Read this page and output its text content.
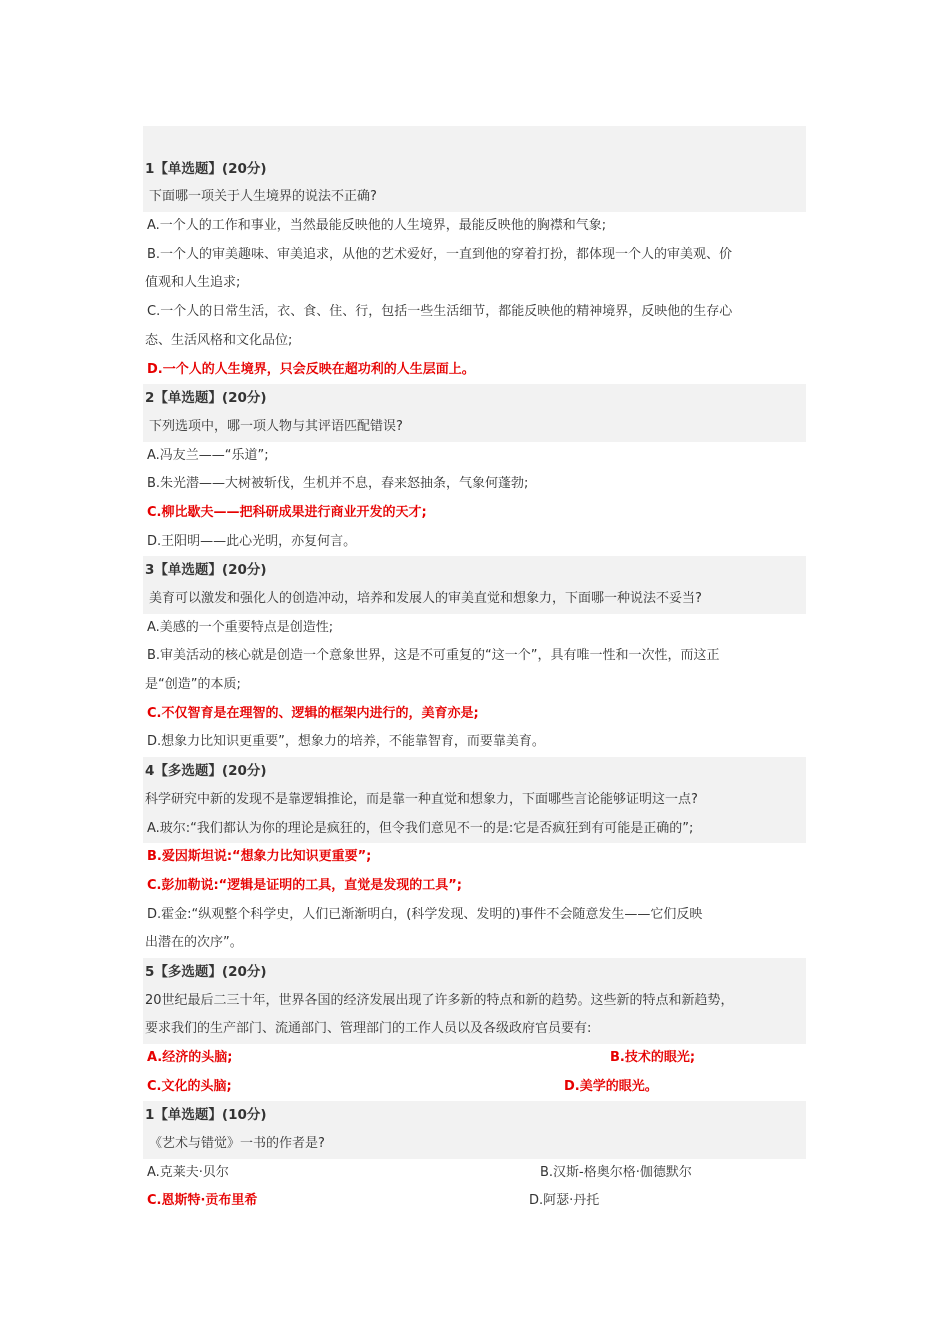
1【单选题】(20分)
下面哪一项关于人生境界的说法不正确?
A.一个人的工作和事业，当然最能反映他的人生境界，最能反映他的胸襟和气象;
B.一个人的审美趣味、审美追求，从他的艺术爱好，一直到他的穿着打扮，都体现一个人的审美观、价
值观和人生追求;
C.一个人的日常生活，衣、食、住、行，包括一些生活细节，都能反映他的精神境界，反映他的生存心
态、生活风格和文化品位;
D.一个人的人生境界，只会反映在超功利的人生层面上。
2【单选题】(20分)
下列选项中，哪一项人物与其评语匹配错误?
A.冯友兰——“乐道”;
B.朱光潜——大树被斩伐，生机并不息，春来怒抽条，气象何蓬勃;
C.柳比歇夫——把科研成果进行商业开发的天才;
D.王阳明——此心光明，亦复何言。
3【单选题】(20分)
美育可以激发和强化人的创造冲动，培养和发展人的审美直觉和想象力，下面哪一种说法不妥当?
A.美感的一个重要特点是创造性;
B.审美活动的核心就是创造一个意象世界，这是不可重复的“这一个”，具有唯一性和一次性，而这正
是“创造”的本质;
C.不仅智育是在理智的、逻辑的框架内进行的，美育亦是;
D.想象力比知识更重要”，想象力的培养，不能靠智育，而要靠美育。
4【多选题】(20分)
科学研究中新的发现不是靠逻辑推论，而是靠一种直觉和想象力，下面哪些言论能够证明这一点?
A.玻尔:“我们都认为你的理论是疯狂的，但令我们意见不一的是:它是否疯狂到有可能是正确的”;
B.爱因斯坦说:“想象力比知识更重要”;
C.彭加勒说:“逻辑是证明的工具，直觉是发现的工具”;
D.霍金:“纵观整个科学史，人们已渐渐明白，(科学发现、发明的)事件不会随意发生——它们反映
出潜在的次序”。
5【多选题】(20分)
20世纪最后二三十年，世界各国的经济发展出现了许多新的特点和新的趋势。这些新的特点和新趋势，
要求我们的生产部门、流通部门、管理部门的工作人员以及各级政府官员要有:
A.经济的头脑;	B.技术的眼光;
C.文化的头脑;	D.美学的眼光。
1【单选题】(10分)
《艺术与错觉》一书的作者是?
A.克莱夫·贝尔	B.汉斯-格奥尔格·伽德默尔
C.恩斯特·贡布里希	D.阿瑟·丹托
